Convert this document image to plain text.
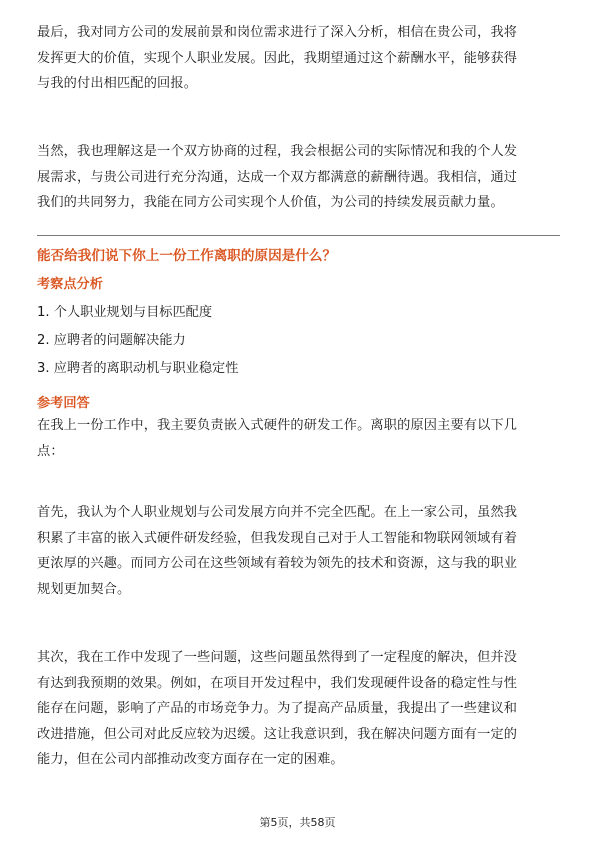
最后，我对同方公司的发展前景和岗位需求进行了深入分析，相信在贵公司，我将
发挥更大的价值，实现个人职业发展。因此，我期望通过这个薪酬水平，能够获得
与我的付出相匹配的回报。

当然，我也理解这是一个双方协商的过程，我会根据公司的实际情况和我的个人发
展需求，与贵公司进行充分沟通，达成一个双方都满意的薪酬待遇。我相信，通过
我们的共同努力，我能在同方公司实现个人价值，为公司的持续发展贡献力量。

能否给我们说下你上一份工作离职的原因是什么？

考察点分析

1. 个人职业规划与目标匹配度

2. 应聘者的问题解决能力

3. 应聘者的离职动机与职业稳定性

参考回答

在我上一份工作中，我主要负责嵌入式硬件的研发工作。离职的原因主要有以下几
点：

首先，我认为个人职业规划与公司发展方向并不完全匹配。在上一家公司，虽然我
积累了丰富的嵌入式硬件研发经验，但我发现自己对于人工智能和物联网领域有着
更浓厚的兴趣。而同方公司在这些领域有着较为领先的技术和资源，这与我的职业
规划更加契合。

其次，我在工作中发现了一些问题，这些问题虽然得到了一定程度的解决，但并没
有达到我预期的效果。例如，在项目开发过程中，我们发现硬件设备的稳定性与性
能存在问题，影响了产品的市场竞争力。为了提高产品质量，我提出了一些建议和
改进措施，但公司对此反应较为迟缓。这让我意识到，我在解决问题方面有一定的
能力，但在公司内部推动改变方面存在一定的困难。

第5页，共58页
